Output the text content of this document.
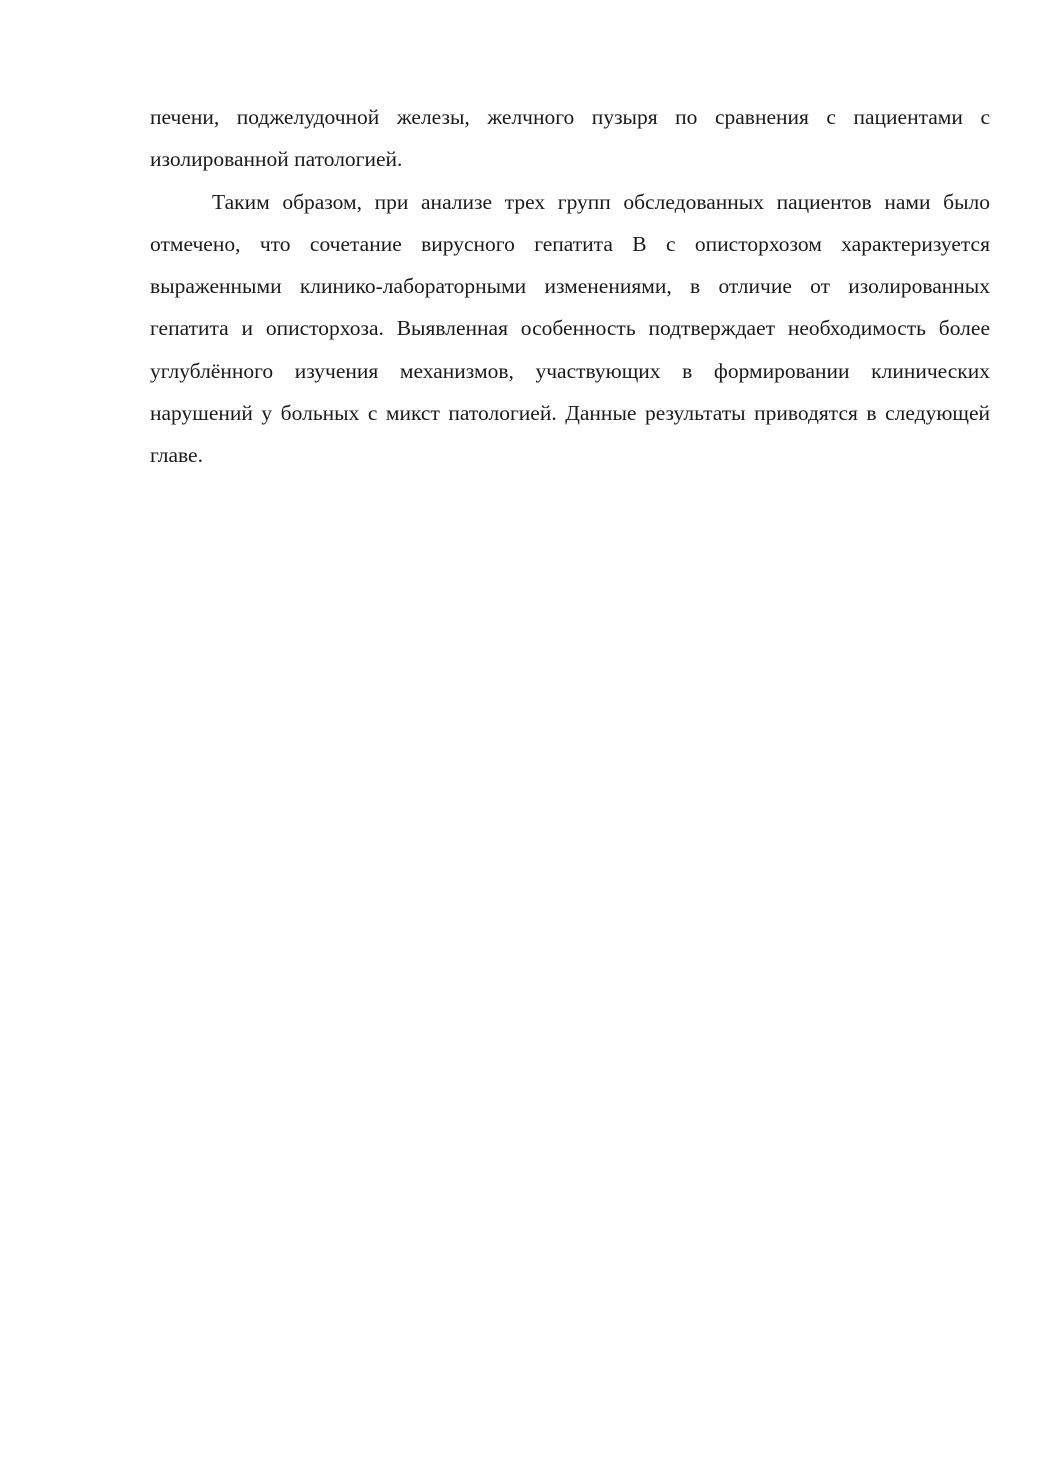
печени, поджелудочной железы, желчного пузыря по сравнения с пациентами с изолированной патологией.

Таким образом, при анализе трех групп обследованных пациентов нами было отмечено, что сочетание вирусного гепатита В с описторхозом характеризуется выраженными клинико-лабораторными изменениями, в отличие от изолированных гепатита и описторхоза. Выявленная особенность подтверждает необходимость более углублённого изучения механизмов, участвующих в формировании клинических нарушений у больных с микст патологией. Данные результаты приводятся в следующей главе.
